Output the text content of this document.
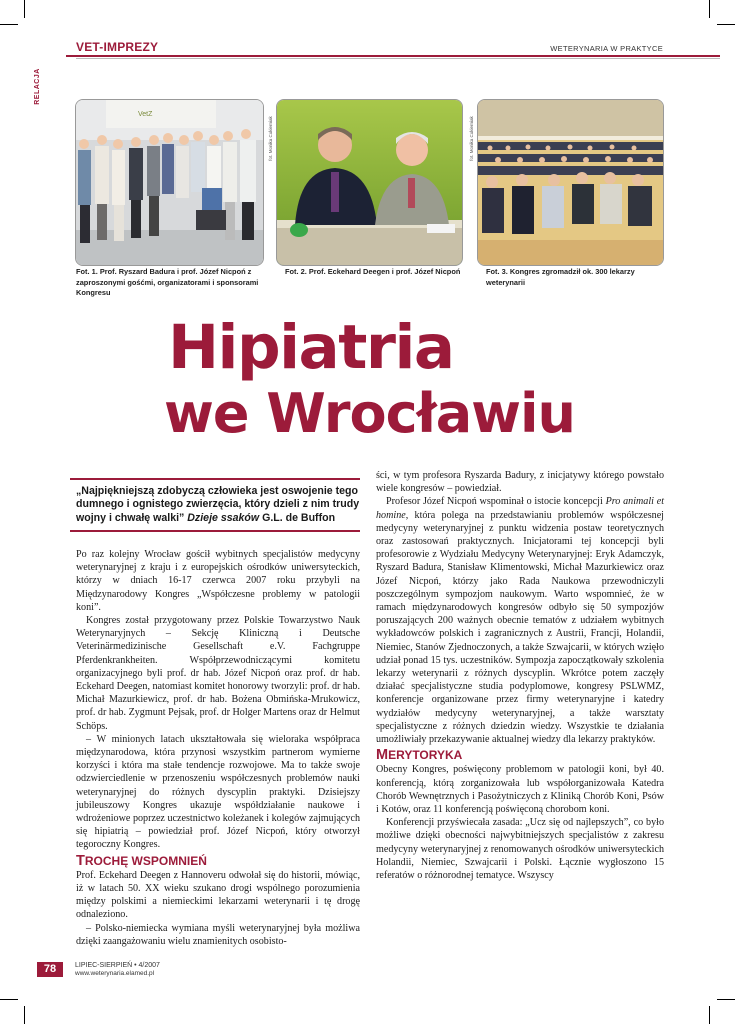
VET-IMPREZY	WETERYNARIA W PRAKTYCE
RELACJA
VetZ
fot. Monika Cukierniak	fot. Monika Cukierniak
Fot. 1. Prof. Ryszard Badura i prof. Józef Nicpoń z zaproszonymi gośćmi, organizatorami i sponsorami Kongresu
Fot. 2. Prof. Eckehard Deegen i prof. Józef Nicpoń	Fot. 3. Kongres zgromadził ok. 300 lekarzy weterynarii
Hipiatria
we Wrocławiu
„Najpiękniejszą zdobyczą człowieka jest oswojenie tego dumnego i ognistego zwierzęcia, który dzieli z nim trudy wojny i chwałę walki” Dzieje ssaków G.L. de Buffon

Po raz kolejny Wrocław gościł wybitnych specjalistów medycyny weterynaryjnej z kraju i z europejskich ośrodków uniwersyteckich, którzy w dniach 16-17 czerwca 2007 roku przybyli na Międzynarodowy Kongres „Współczesne problemy w patologii koni”.

Kongres został przygotowany przez Polskie Towarzystwo Nauk Weterynaryjnych – Sekcję Kliniczną i Deutsche Veterinärmedizinische Gesellschaft e.V. Fachgruppe Pferdenkrankheiten. Współprzewodniczącymi komitetu organizacyjnego byli prof. dr hab. Józef Nicpoń oraz prof. dr hab. Eckehard Deegen, natomiast komitet honorowy tworzyli: prof. dr hab. Michał Mazurkiewicz, prof. dr hab. Bożena Obmińska-Mrukowicz, prof. dr hab. Zygmunt Pejsak, prof. dr Holger Martens oraz dr Helmut Schöps.

– W minionych latach ukształtowała się wieloraka współpraca międzynarodowa, która przynosi wszystkim partnerom wymierne korzyści i która ma stałe tendencje rozwojowe. Ma to także swoje odzwierciedlenie w przenoszeniu współczesnych problemów nauki weterynaryjnej do różnych dyscyplin praktyki. Dzisiejszy jubileuszowy Kongres ukazuje współdziałanie naukowe i wdrożeniowe poprzez uczestnictwo koleżanek i kolegów zajmujących się hipiatrią – powiedział prof. Józef Nicpoń, który otworzył tegoroczny Kongres.

TROCHĘ WSPOMNIEŃ

Prof. Eckehard Deegen z Hannoveru odwołał się do historii, mówiąc, iż w latach 50. XX wieku szukano drogi wspólnego porozumienia między polskimi a niemieckimi lekarzami weterynarii i tę drogę odnaleziono.

– Polsko-niemiecka wymiana myśli weterynaryjnej była możliwa dzięki zaangażowaniu wielu znamienitych osobisto-

ści, w tym profesora Ryszarda Badury, z inicjatywy którego powstało wiele kongresów – powiedział.

Profesor Józef Nicpoń wspominał o istocie koncepcji Pro animali et homine, która polega na przedstawianiu problemów współczesnej medycyny weterynaryjnej z punktu widzenia postaw teoretycznych oraz zastosowań praktycznych. Inicjatorami tej koncepcji byli profesorowie z Wydziału Medycyny Weterynaryjnej: Eryk Adamczyk, Ryszard Badura, Stanisław Klimentowski, Michał Mazurkiewicz oraz Józef Nicpoń, którzy jako Rada Naukowa przewodniczyli poszczególnym sympozjom naukowym. Warto wspomnieć, że w ramach międzynarodowych kongresów odbyło się 50 sympozjów poruszających 200 ważnych obecnie tematów z udziałem wybitnych wykładowców polskich i zagranicznych z Austrii, Francji, Holandii, Niemiec, Stanów Zjednoczonych, a także Szwajcarii, w których wzięło udział ponad 15 tys. uczestników. Sympozja zapoczątkowały szkolenia lekarzy weterynarii z różnych dyscyplin. Wkrótce potem zaczęły działać specjalistyczne studia podyplomowe, kongresy PSLWMZ, konferencje organizowane przez firmy weterynaryjne i katedry wydziałów medycyny weterynaryjnej, a także warsztaty specjalistyczne z różnych dziedzin wiedzy. Wszystkie te działania umożliwiały przekazywanie aktualnej wiedzy dla lekarzy praktyków.

MERYTORYKA

Obecny Kongres, poświęcony problemom w patologii koni, był 40. konferencją, którą zorganizowała lub współorganizowała Katedra Chorób Wewnętrznych i Pasożytniczych z Kliniką Chorób Koni, Psów i Kotów, oraz 11 konferencją poświęconą chorobom koni.

Konferencji przyświecała zasada: „Ucz się od najlepszych”, co było możliwe dzięki obecności najwybitniejszych specjalistów z zakresu medycyny weterynaryjnej z renomowanych ośrodków uniwersyteckich Holandii, Niemiec, Szwajcarii i Polski. Łącznie wygłoszono 15 referatów o różnorodnej tematyce. Wszyscy

78	LIPIEC-SIERPIEŃ • 4/2007
www.weterynaria.elamed.pl
